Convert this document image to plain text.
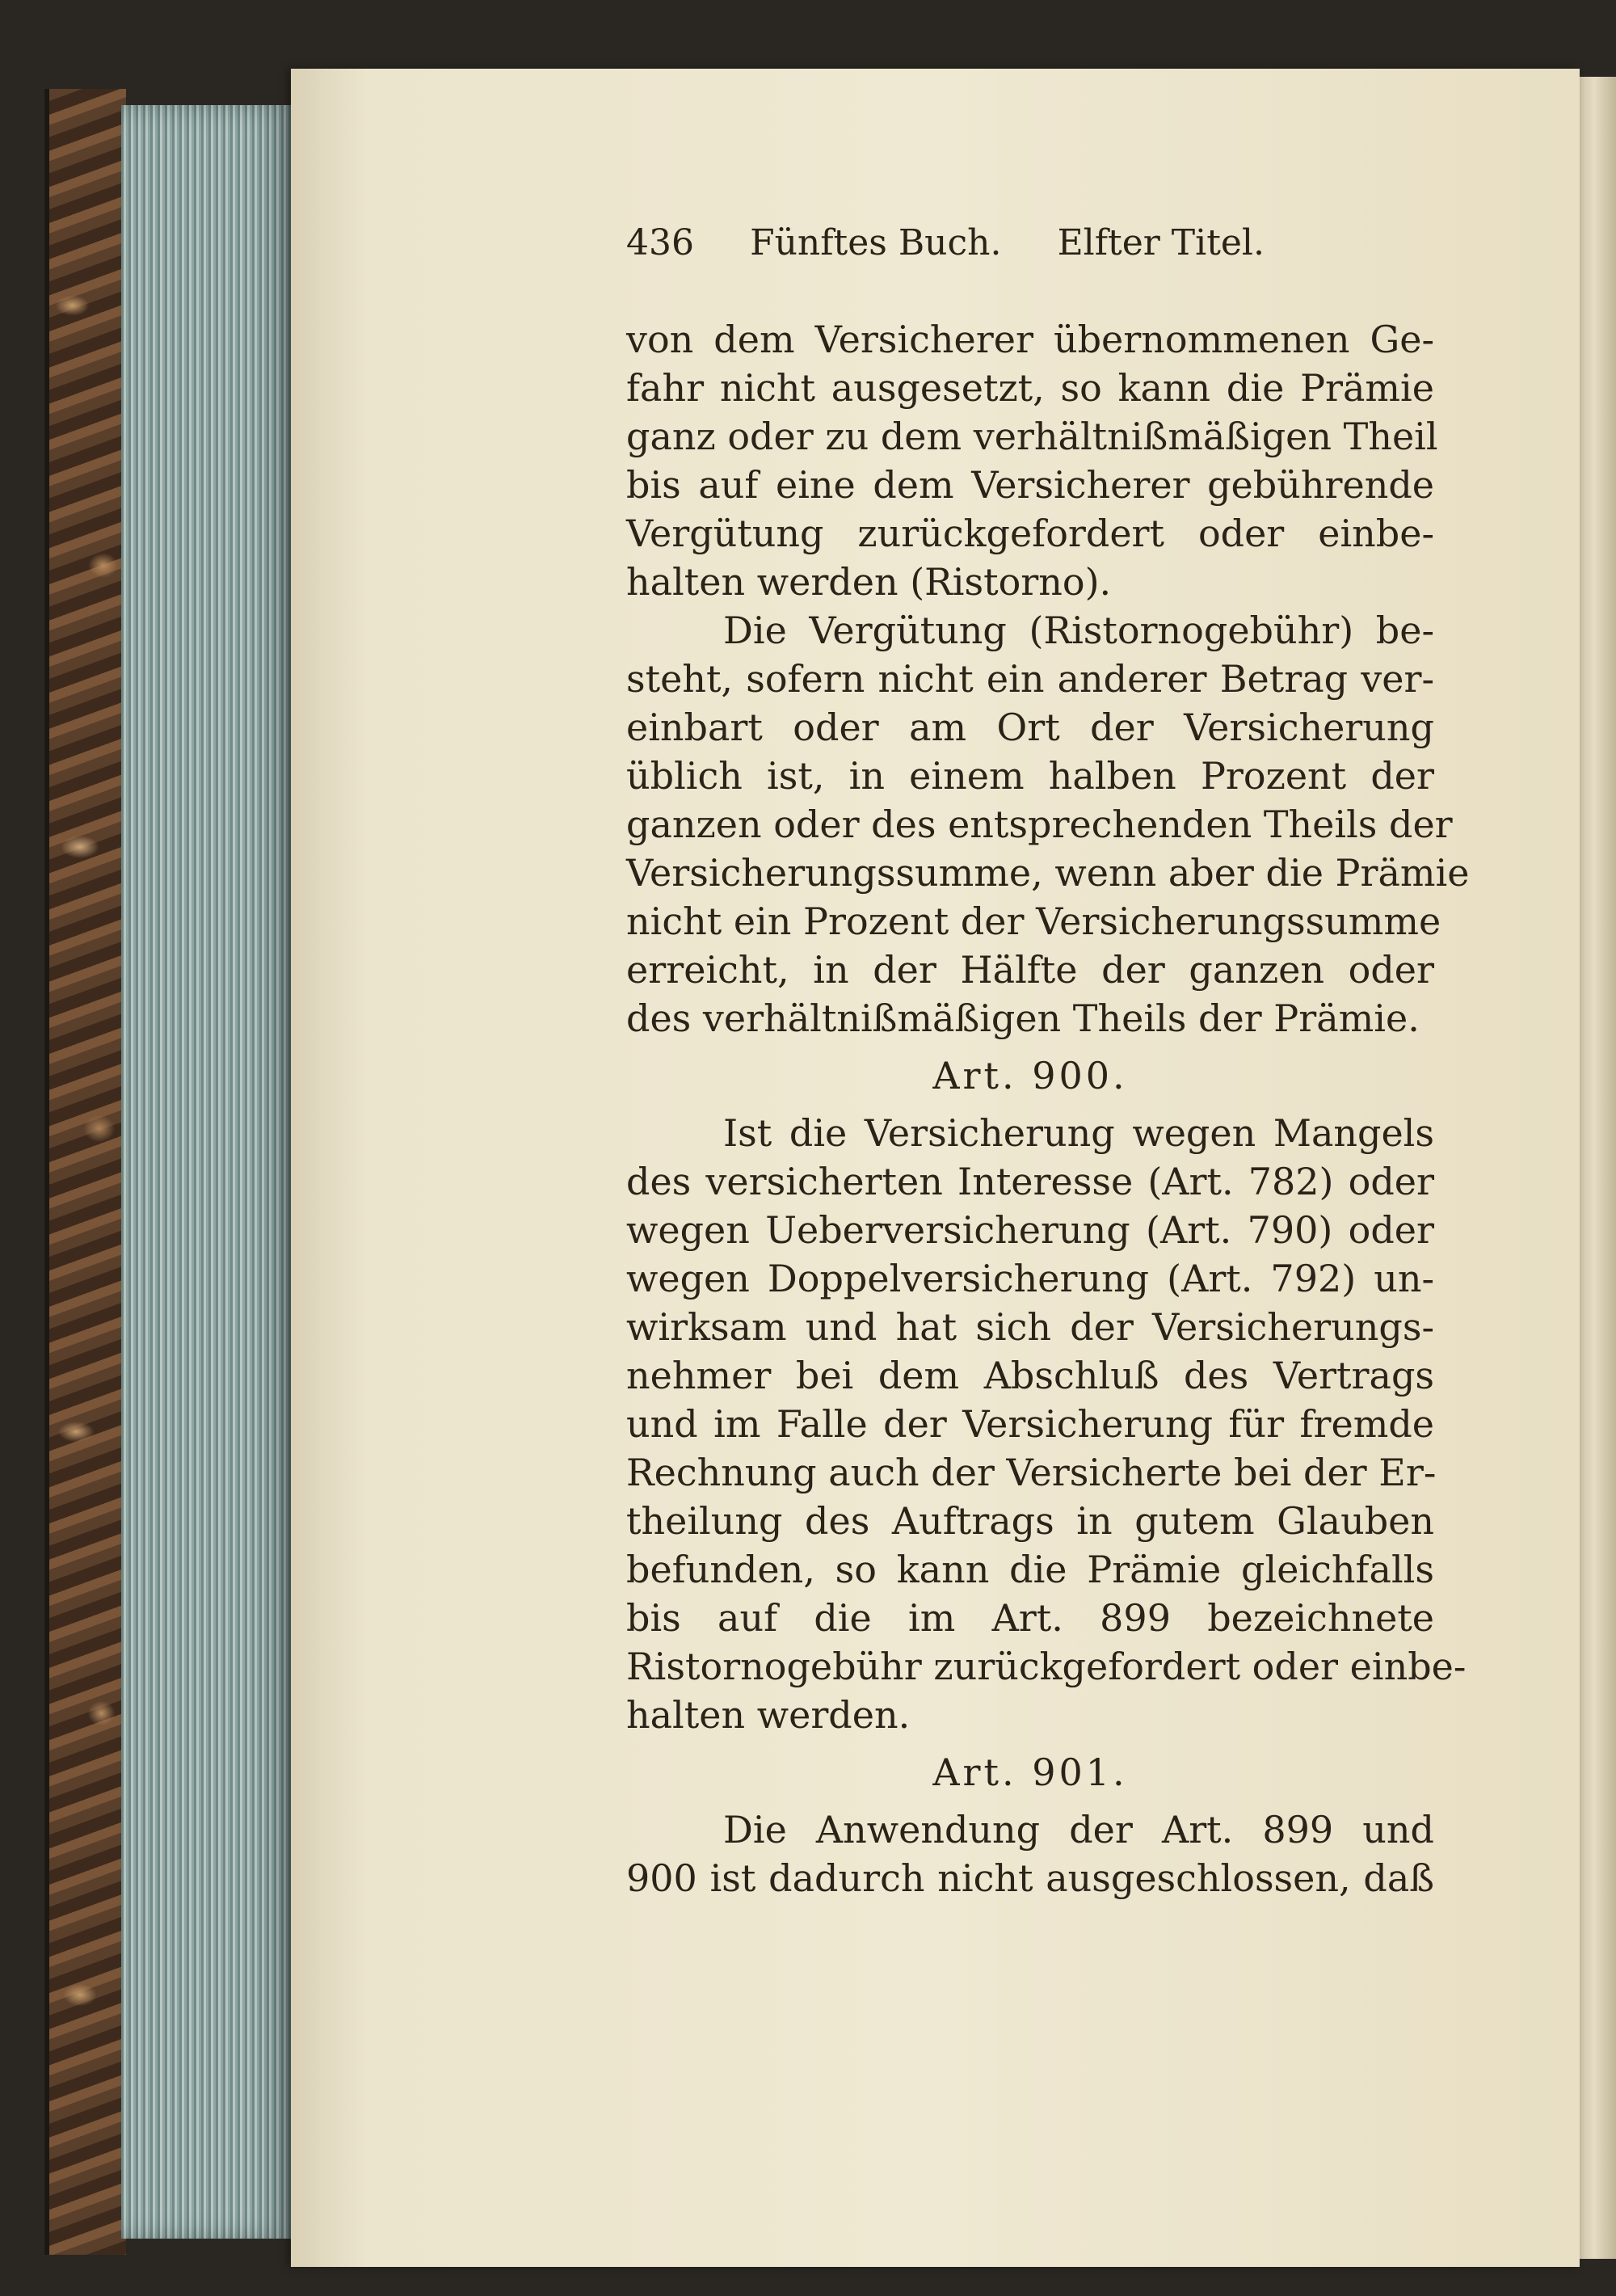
436 Fünftes Buch. Elfter Titel.
von dem Versicherer übernommenen Ge-
fahr nicht ausgesetzt, so kann die Prämie
ganz oder zu dem verhältnißmäßigen Theil
bis auf eine dem Versicherer gebührende
Vergütung zurückgefordert oder einbe-
halten werden (Ristorno).
Die Vergütung (Ristornogebühr) be-
steht, sofern nicht ein anderer Betrag ver-
einbart oder am Ort der Versicherung
üblich ist, in einem halben Prozent der
ganzen oder des entsprechenden Theils der
Versicherungssumme, wenn aber die Prämie
nicht ein Prozent der Versicherungssumme
erreicht, in der Hälfte der ganzen oder
des verhältnißmäßigen Theils der Prämie.
Art. 900.
Ist die Versicherung wegen Mangels
des versicherten Interesse (Art. 782) oder
wegen Ueberversicherung (Art. 790) oder
wegen Doppelversicherung (Art. 792) un-
wirksam und hat sich der Versicherungs-
nehmer bei dem Abschluß des Vertrags
und im Falle der Versicherung für fremde
Rechnung auch der Versicherte bei der Er-
theilung des Auftrags in gutem Glauben
befunden, so kann die Prämie gleichfalls
bis auf die im Art. 899 bezeichnete
Ristornogebühr zurückgefordert oder einbe-
halten werden.
Art. 901.
Die Anwendung der Art. 899 und
900 ist dadurch nicht ausgeschlossen, daß
